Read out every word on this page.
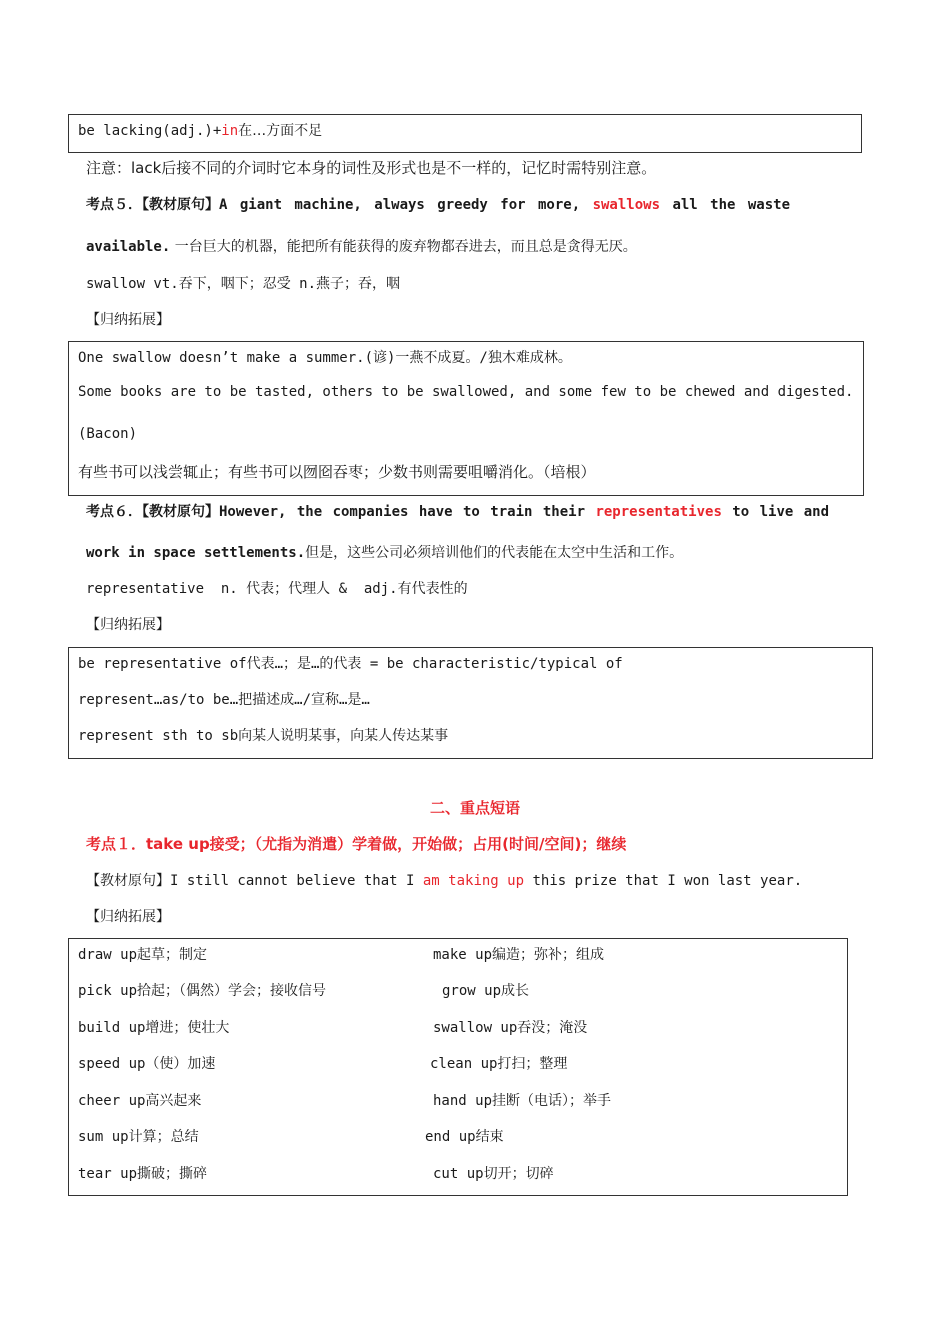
be lacking(adj.)+in在…方面不足
注意：lack后接不同的介词时它本身的词性及形式也是不一样的，记忆时需特别注意。
考点５．【教材原句】A giant machine, always greedy for more, swallows all the waste
available. 一台巨大的机器，能把所有能获得的废弃物都吞进去，而且总是贪得无厌。
swallow vt.吞下，咽下；忍受 n.燕子；吞，咽
【归纳拓展】
One swallow doesn’t make a summer.(谚)一燕不成夏。/独木难成林。
Some books are to be tasted, others to be swallowed, and some few to be chewed and digested.
(Bacon)
有些书可以浅尝辄止；有些书可以囫囵吞枣；少数书则需要咀嚼消化。（培根）
考点６．【教材原句】However, the companies have to train their representatives to live and
work in space settlements.但是，这些公司必须培训他们的代表能在太空中生活和工作。
representative  n. 代表；代理人 &  adj.有代表性的
【归纳拓展】
be representative of代表…；是…的代表 = be characteristic/typical of
represent…as/to be…把描述成…/宣称…是…
represent sth to sb向某人说明某事，向某人传达某事
二、重点短语
考点１．take up接受；（尤指为消遣）学着做，开始做；占用(时间/空间)；继续
【教材原句】I still cannot believe that I am taking up this prize that I won last year.
【归纳拓展】
draw up起草；制定
pick up拾起；（偶然）学会；接收信号
build up增进；使壮大
speed up（使）加速
cheer up高兴起来
sum up计算；总结
tear up撕破；撕碎
make up编造；弥补；组成
grow up成长
swallow up吞没；淹没
clean up打扫；整理
hand up挂断（电话）；举手
end up结束
cut up切开；切碎
